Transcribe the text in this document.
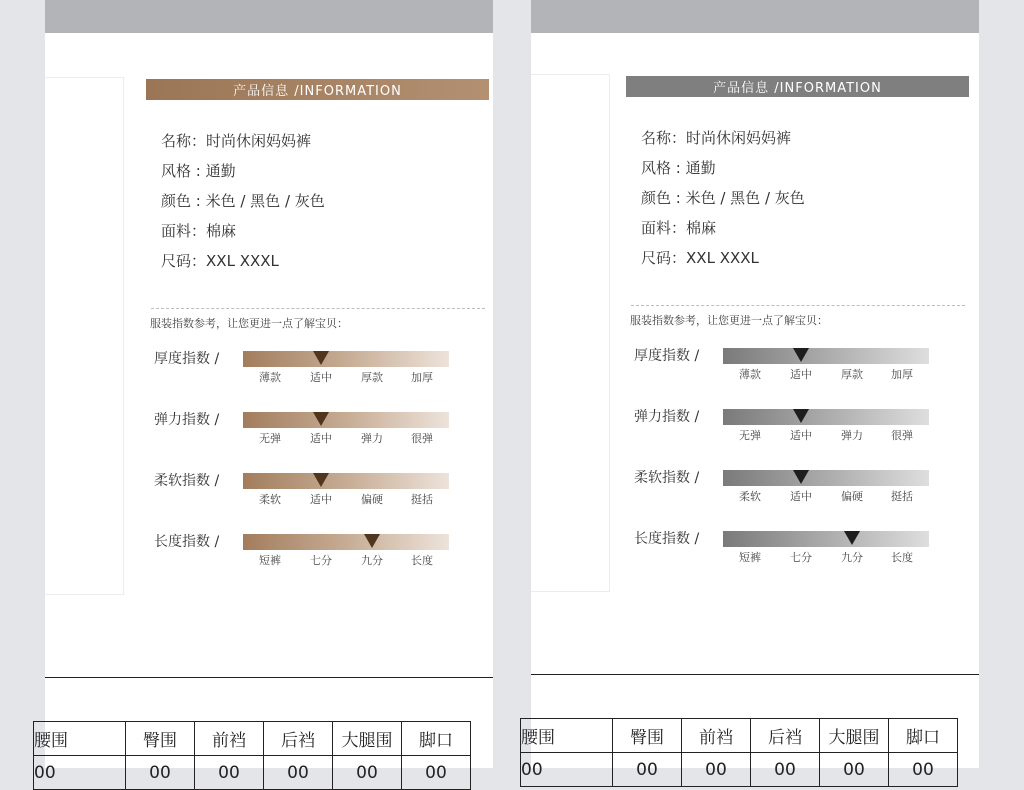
产品信息 /INFORMATION
名称：时尚休闲妈妈裤
风格 : 通勤
颜色 : 米色 / 黑色 / 灰色
面料：棉麻
尺码：XXL XXXL
服装指数参考，让您更进一点了解宝贝：
厚度指数 /
薄款	适中	厚款	加厚
弹力指数 /
无弹	适中	弹力	很弹
柔软指数 /
柔软	适中	偏硬	挺括
长度指数 /
短裤	七分	九分	长度
腰围	臀围	前裆	后裆	大腿围	脚口
00	00	00	00	00	00
产品信息 /INFORMATION
名称：时尚休闲妈妈裤
风格 : 通勤
颜色 : 米色 / 黑色 / 灰色
面料：棉麻
尺码：XXL XXXL
服装指数参考，让您更进一点了解宝贝：
厚度指数 /
薄款	适中	厚款	加厚
弹力指数 /
无弹	适中	弹力	很弹
柔软指数 /
柔软	适中	偏硬	挺括
长度指数 /
短裤	七分	九分	长度
腰围	臀围	前裆	后裆	大腿围	脚口
00	00	00	00	00	00
